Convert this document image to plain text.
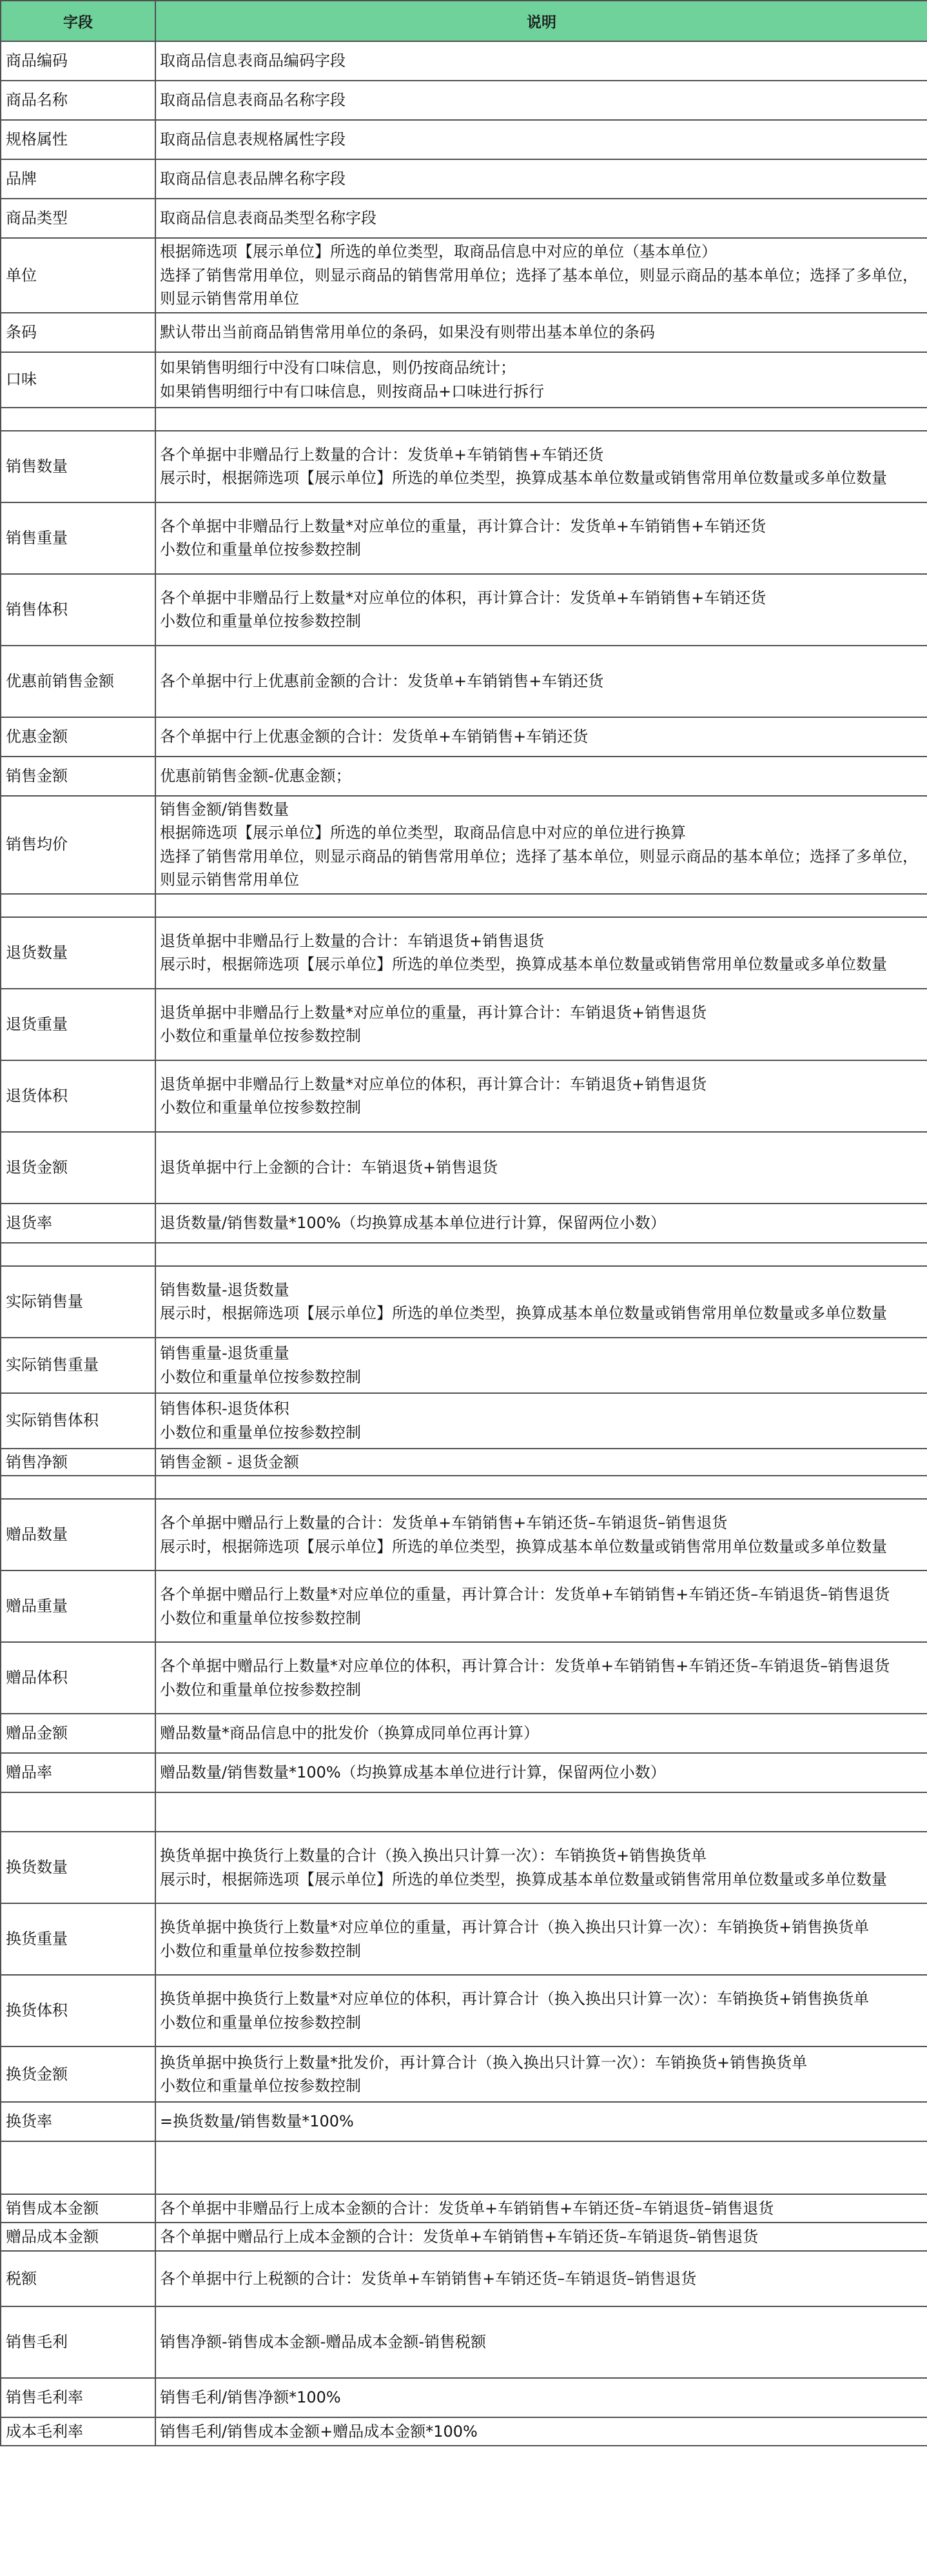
字段	说明
商品编码	取商品信息表商品编码字段
商品名称	取商品信息表商品名称字段
规格属性	取商品信息表规格属性字段
品牌	取商品信息表品牌名称字段
商品类型	取商品信息表商品类型名称字段
单位	根据筛选项【展示单位】所选的单位类型，取商品信息中对应的单位（基本单位）
选择了销售常用单位，则显示商品的销售常用单位；选择了基本单位，则显示商品的基本单位；选择了多单位，则显示销售常用单位
条码	默认带出当前商品销售常用单位的条码，如果没有则带出基本单位的条码
口味	如果销售明细行中没有口味信息，则仍按商品统计；
如果销售明细行中有口味信息，则按商品+口味进行拆行

销售数量	各个单据中非赠品行上数量的合计：发货单+车销销售+车销还货
展示时，根据筛选项【展示单位】所选的单位类型，换算成基本单位数量或销售常用单位数量或多单位数量
销售重量	各个单据中非赠品行上数量*对应单位的重量，再计算合计：发货单+车销销售+车销还货
小数位和重量单位按参数控制
销售体积	各个单据中非赠品行上数量*对应单位的体积，再计算合计：发货单+车销销售+车销还货
小数位和重量单位按参数控制
优惠前销售金额	各个单据中行上优惠前金额的合计：发货单+车销销售+车销还货
优惠金额	各个单据中行上优惠金额的合计：发货单+车销销售+车销还货
销售金额	优惠前销售金额-优惠金额；
销售均价	销售金额/销售数量
根据筛选项【展示单位】所选的单位类型，取商品信息中对应的单位进行换算
选择了销售常用单位，则显示商品的销售常用单位；选择了基本单位，则显示商品的基本单位；选择了多单位，则显示销售常用单位

退货数量	退货单据中非赠品行上数量的合计：车销退货+销售退货
展示时，根据筛选项【展示单位】所选的单位类型，换算成基本单位数量或销售常用单位数量或多单位数量
退货重量	退货单据中非赠品行上数量*对应单位的重量，再计算合计：车销退货+销售退货
小数位和重量单位按参数控制
退货体积	退货单据中非赠品行上数量*对应单位的体积，再计算合计：车销退货+销售退货
小数位和重量单位按参数控制
退货金额	退货单据中行上金额的合计：车销退货+销售退货
退货率	退货数量/销售数量*100%（均换算成基本单位进行计算，保留两位小数）

实际销售量	销售数量-退货数量
展示时，根据筛选项【展示单位】所选的单位类型，换算成基本单位数量或销售常用单位数量或多单位数量
实际销售重量	销售重量-退货重量
小数位和重量单位按参数控制
实际销售体积	销售体积-退货体积
小数位和重量单位按参数控制
销售净额	销售金额 - 退货金额

赠品数量	各个单据中赠品行上数量的合计：发货单+车销销售+车销还货–车销退货–销售退货
展示时，根据筛选项【展示单位】所选的单位类型，换算成基本单位数量或销售常用单位数量或多单位数量
赠品重量	各个单据中赠品行上数量*对应单位的重量，再计算合计：发货单+车销销售+车销还货–车销退货–销售退货
小数位和重量单位按参数控制
赠品体积	各个单据中赠品行上数量*对应单位的体积，再计算合计：发货单+车销销售+车销还货–车销退货–销售退货
小数位和重量单位按参数控制
赠品金额	赠品数量*商品信息中的批发价（换算成同单位再计算）
赠品率	赠品数量/销售数量*100%（均换算成基本单位进行计算，保留两位小数）

换货数量	换货单据中换货行上数量的合计（换入换出只计算一次）：车销换货+销售换货单
展示时，根据筛选项【展示单位】所选的单位类型，换算成基本单位数量或销售常用单位数量或多单位数量
换货重量	换货单据中换货行上数量*对应单位的重量，再计算合计（换入换出只计算一次）：车销换货+销售换货单
小数位和重量单位按参数控制
换货体积	换货单据中换货行上数量*对应单位的体积，再计算合计（换入换出只计算一次）：车销换货+销售换货单
小数位和重量单位按参数控制
换货金额	换货单据中换货行上数量*批发价，再计算合计（换入换出只计算一次）：车销换货+销售换货单
小数位和重量单位按参数控制
换货率	=换货数量/销售数量*100%

销售成本金额	各个单据中非赠品行上成本金额的合计：发货单+车销销售+车销还货–车销退货–销售退货
赠品成本金额	各个单据中赠品行上成本金额的合计：发货单+车销销售+车销还货–车销退货–销售退货
税额	各个单据中行上税额的合计：发货单+车销销售+车销还货–车销退货–销售退货
销售毛利	销售净额-销售成本金额-赠品成本金额-销售税额
销售毛利率	销售毛利/销售净额*100%
成本毛利率	销售毛利/销售成本金额+赠品成本金额*100%
